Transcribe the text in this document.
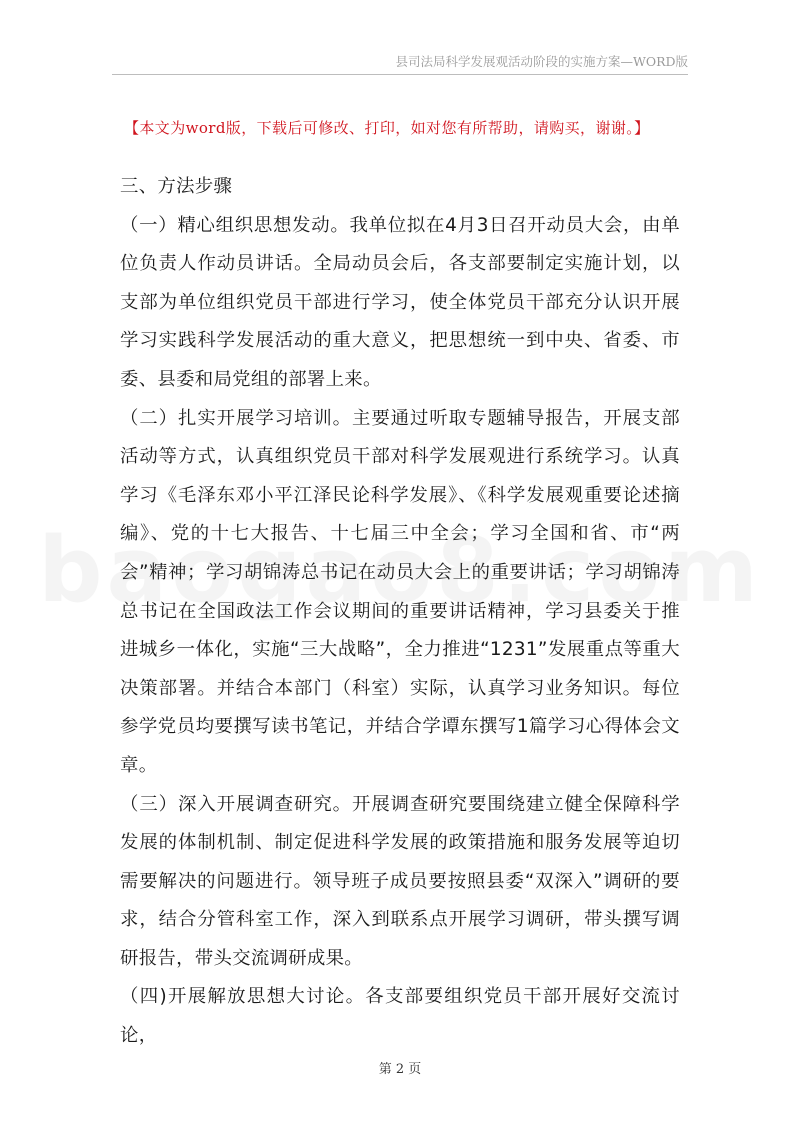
县司法局科学发展观活动阶段的实施方案—WORD版
【本文为word版，下载后可修改、打印，如对您有所帮助，请购买，谢谢。】

三、方法步骤

（一）精心组织思想发动。我单位拟在4月3日召开动员大会，由单位负责人作动员讲话。全局动员会后，各支部要制定实施计划，以支部为单位组织党员干部进行学习，使全体党员干部充分认识开展学习实践科学发展活动的重大意义，把思想统一到中央、省委、市委、县委和局党组的部署上来。

（二）扎实开展学习培训。主要通过听取专题辅导报告，开展支部活动等方式，认真组织党员干部对科学发展观进行系统学习。认真学习《毛泽东邓小平江泽民论科学发展》、《科学发展观重要论述摘编》、党的十七大报告、十七届三中全会；学习全国和省、市“两会”精神；学习胡锦涛总书记在动员大会上的重要讲话；学习胡锦涛总书记在全国政法工作会议期间的重要讲话精神，学习县委关于推进城乡一体化，实施“三大战略”，全力推进“1231”发展重点等重大决策部署。并结合本部门（科室）实际，认真学习业务知识。每位参学党员均要撰写读书笔记，并结合学谭东撰写1篇学习心得体会文章。

（三）深入开展调查研究。开展调查研究要围绕建立健全保障科学发展的体制机制、制定促进科学发展的政策措施和服务发展等迫切需要解决的问题进行。领导班子成员要按照县委“双深入”调研的要求，结合分管科室工作，深入到联系点开展学习调研，带头撰写调研报告，带头交流调研成果。

（四)开展解放思想大讨论。各支部要组织党员干部开展好交流讨论，

第 2 页
